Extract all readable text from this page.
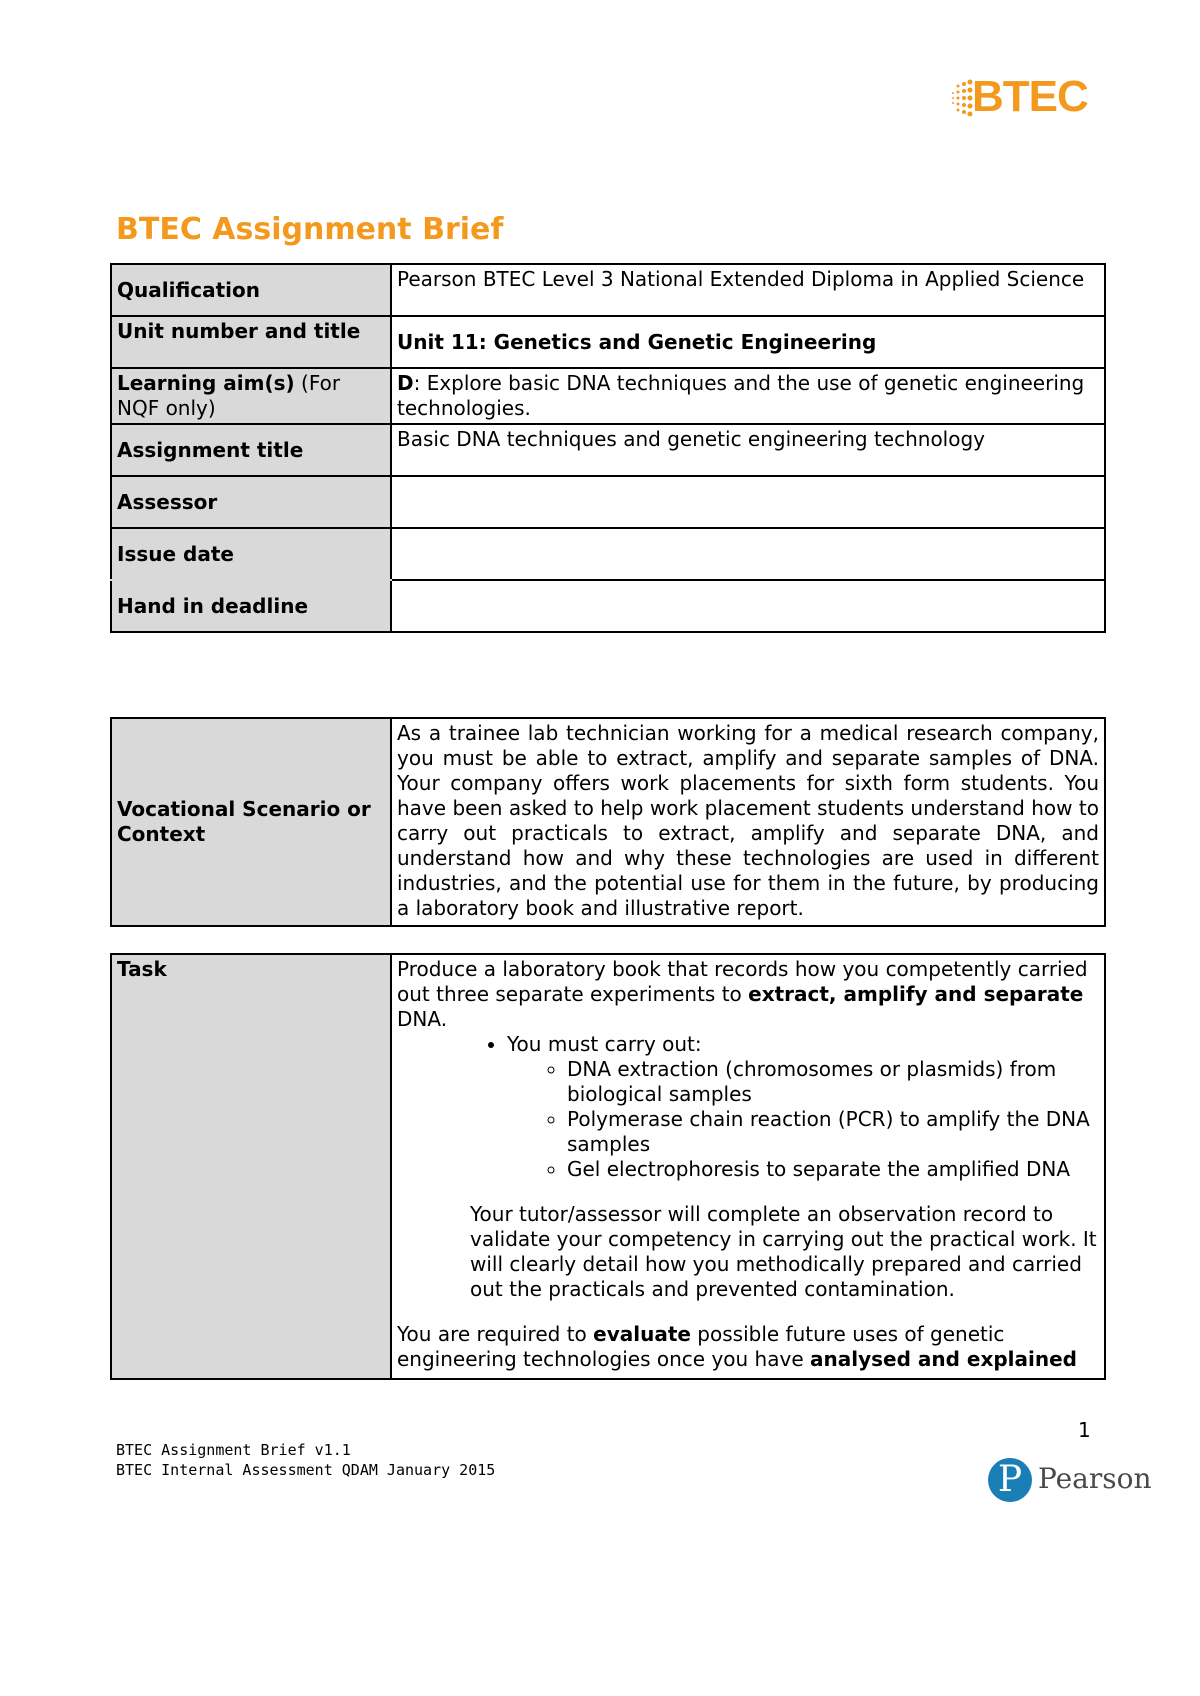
BTEC
BTEC Assignment Brief
Qualification	Pearson BTEC Level 3 National Extended Diploma in Applied Science
Unit number and title	Unit 11: Genetics and Genetic Engineering
Learning aim(s) (For NQF only)	D: Explore basic DNA techniques and the use of genetic engineering technologies.
Assignment title	Basic DNA techniques and genetic engineering technology
Assessor	
Issue date	
Hand in deadline	
Vocational Scenario or Context	As a trainee lab technician working for a medical research company, you must be able to extract, amplify and separate samples of DNA. Your company offers work placements for sixth form students. You have been asked to help work placement students understand how to carry out practicals to extract, amplify and separate DNA, and understand how and why these technologies are used in different industries, and the potential use for them in the future, by producing a laboratory book and illustrative report.
Task	Produce a laboratory book that records how you competently carried out three separate experiments to extract, amplify and separate DNA.
• You must carry out:
◦ DNA extraction (chromosomes or plasmids) from biological samples
◦ Polymerase chain reaction (PCR) to amplify the DNA samples
◦ Gel electrophoresis to separate the amplified DNA
Your tutor/assessor will complete an observation record to validate your competency in carrying out the practical work. It will clearly detail how you methodically prepared and carried out the practicals and prevented contamination.
You are required to evaluate possible future uses of genetic engineering technologies once you have analysed and explained
1
BTEC Assignment Brief v1.1
BTEC Internal Assessment QDAM January 2015	P Pearson
